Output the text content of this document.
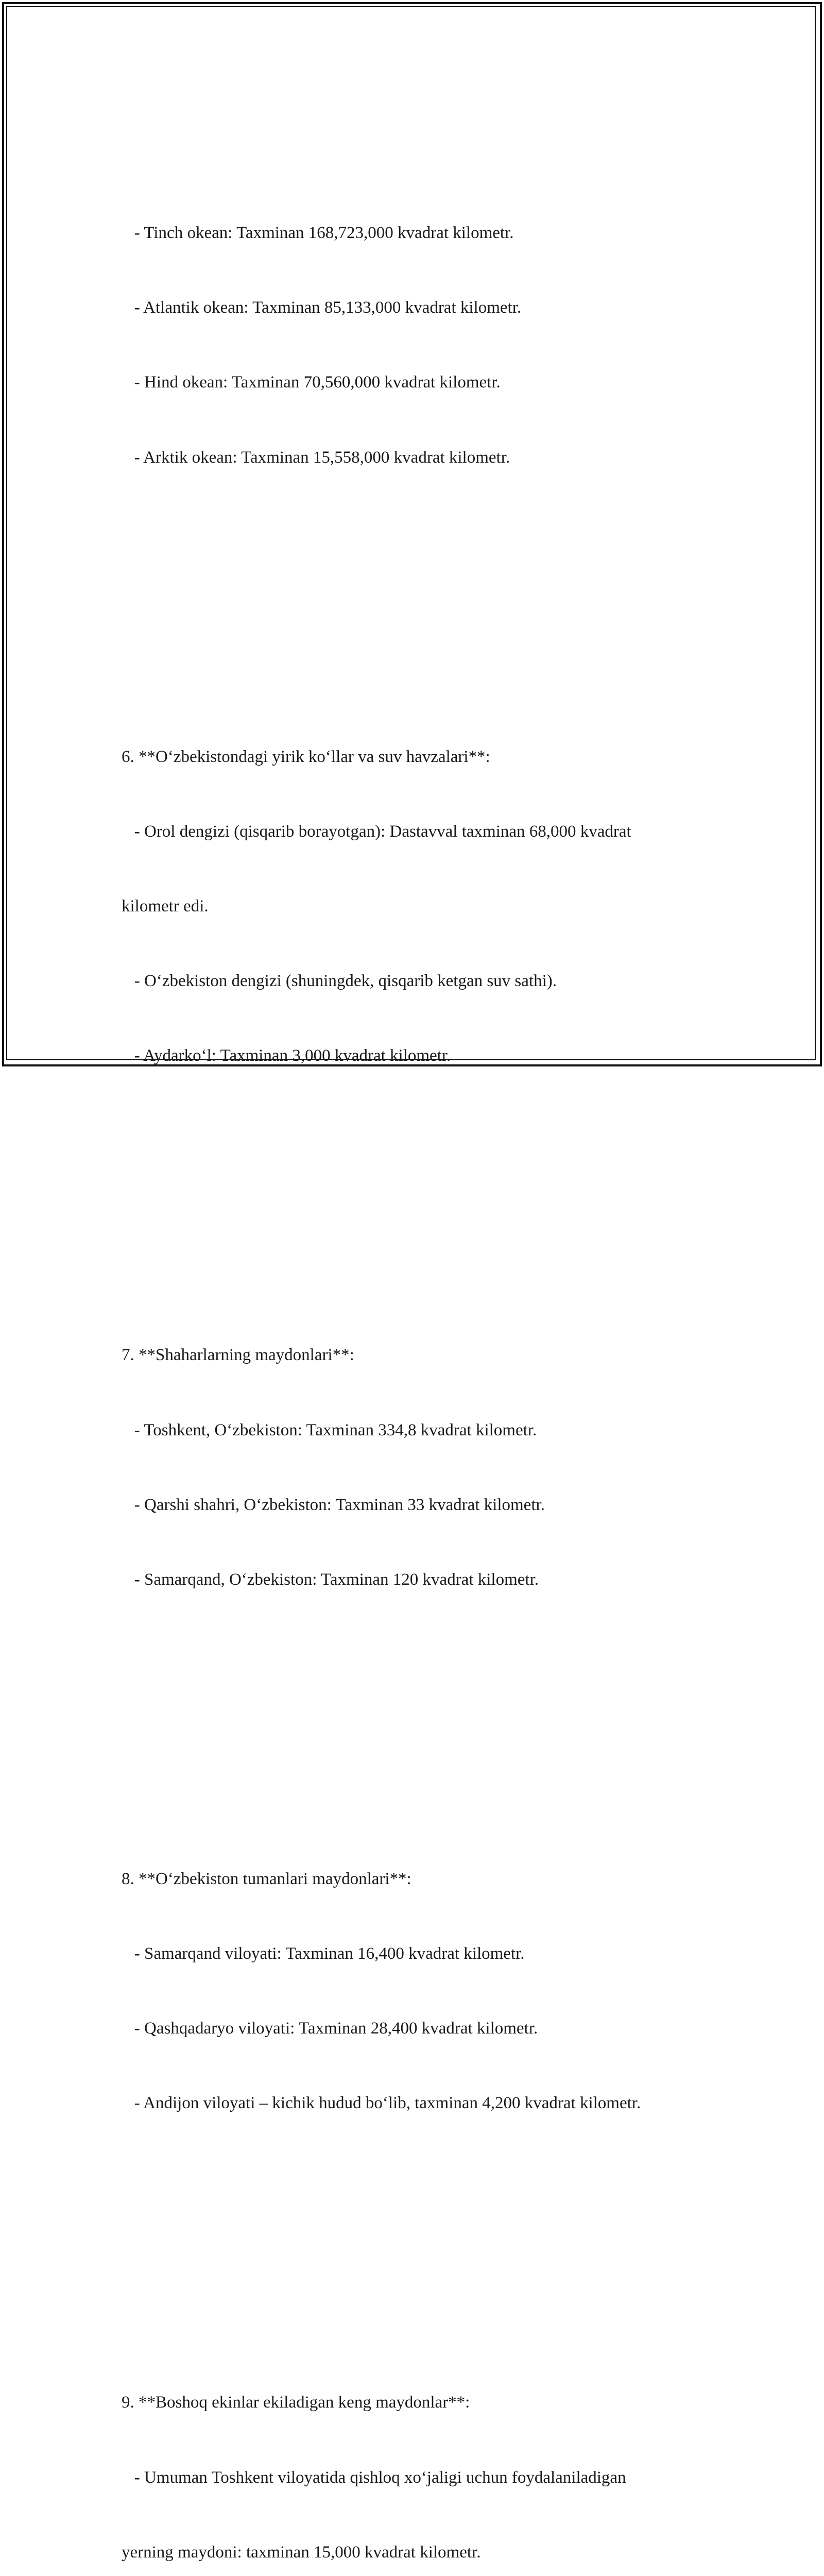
- Tinch okean: Taxminan 168,723,000 kvadrat kilometr.

- Atlantik okean: Taxminan 85,133,000 kvadrat kilometr.

- Hind okean: Taxminan 70,560,000 kvadrat kilometr.

- Arktik okean: Taxminan 15,558,000 kvadrat kilometr.

6. **Oʻzbekistondagi yirik koʻllar va suv havzalari**:

- Orol dengizi (qisqarib borayotgan): Dastavval taxminan 68,000 kvadrat

kilometr edi.

- Oʻzbekiston dengizi (shuningdek, qisqarib ketgan suv sathi).

- Aydarkoʻl: Taxminan 3,000 kvadrat kilometr.

7. **Shaharlarning maydonlari**:

- Toshkent, Oʻzbekiston: Taxminan 334,8 kvadrat kilometr.

- Qarshi shahri, Oʻzbekiston: Taxminan 33 kvadrat kilometr.

- Samarqand, Oʻzbekiston: Taxminan 120 kvadrat kilometr.

8. **Oʻzbekiston tumanlari maydonlari**:

- Samarqand viloyati: Taxminan 16,400 kvadrat kilometr.

- Qashqadaryo viloyati: Taxminan 28,400 kvadrat kilometr.

- Andijon viloyati – kichik hudud boʻlib, taxminan 4,200 kvadrat kilometr.

9. **Boshoq ekinlar ekiladigan keng maydonlar**:

- Umuman Toshkent viloyatida qishloq xoʻjaligi uchun foydalaniladigan

yerning maydoni: taxminan 15,000 kvadrat kilometr.
